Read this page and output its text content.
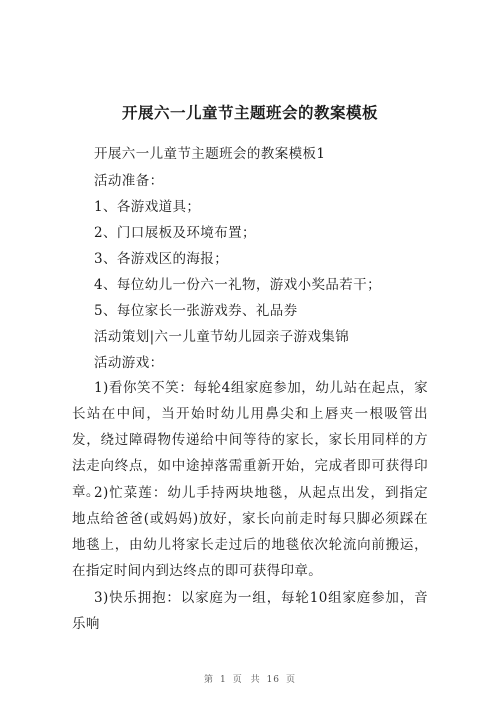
开展六一儿童节主题班会的教案模板
开展六一儿童节主题班会的教案模板1
活动准备：
1、各游戏道具；
2、门口展板及环境布置；
3、各游戏区的海报；
4、每位幼儿一份六一礼物，游戏小奖品若干；
5、每位家长一张游戏券、礼品券
活动策划|六一儿童节幼儿园亲子游戏集锦
活动游戏：
1)看你笑不笑：每轮4组家庭参加，幼儿站在起点，家长站在中间，当开始时幼儿用鼻尖和上唇夹一根吸管出发，绕过障碍物传递给中间等待的家长，家长用同样的方法走向终点，如中途掉落需重新开始，完成者即可获得印章。
2)忙菜莲：幼儿手持两块地毯，从起点出发，到指定地点给爸爸(或妈妈)放好，家长向前走时每只脚必须踩在地毯上，由幼儿将家长走过后的地毯依次轮流向前搬运，在指定时间内到达终点的即可获得印章。
3)快乐拥抱：以家庭为一组，每轮10组家庭参加，音乐响
第 1 页 共 16 页
